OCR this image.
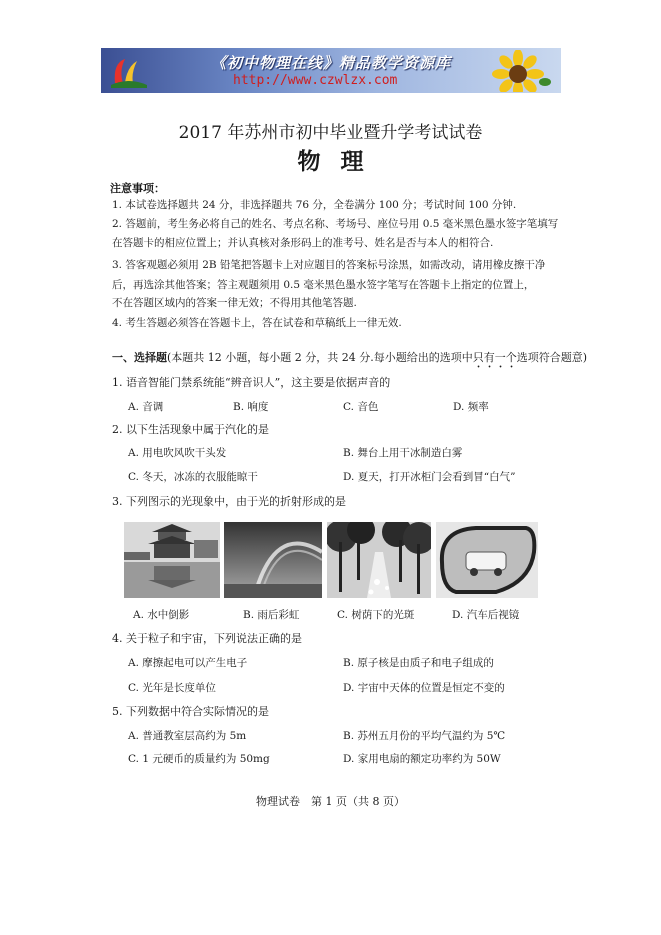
《初中物理在线》精品教学资源库
http://www.czwlzx.com
2017 年苏州市初中毕业暨升学考试试卷
物理
注意事项：
1. 本试卷选择题共 24 分，非选择题共 76 分，全卷满分 100 分；考试时间 100 分钟.
2. 答题前，考生务必将自己的姓名、考点名称、考场号、座位号用 0.5 毫米黑色墨水签字笔填写
在答题卡的相应位置上；并认真核对条形码上的准考号、姓名是否与本人的相符合.
3. 答客观题必须用 2B 铅笔把答题卡上对应题目的答案标号涂黑，如需改动，请用橡皮擦干净
后，再选涂其他答案；答主观题须用 0.5 毫米黑色墨水签字笔写在答题卡上指定的位置上，
不在答题区域内的答案一律无效；不得用其他笔答题.
4. 考生答题必须答在答题卡上，答在试卷和草稿纸上一律无效.
一、选择题(本题共 12 小题，每小题 2 分，共 24 分.每小题给出的选项中只有一个选项符合题意)
1. 语音智能门禁系统能“辨音识人”，这主要是依据声音的
A. 音调	B. 响度	C. 音色	D. 频率
2. 以下生活现象中属于汽化的是
A. 用电吹风吹干头发	B. 舞台上用干冰制造白雾
C. 冬天，冰冻的衣服能晾干	D. 夏天，打开冰柜门会看到冒“白气”
3. 下列图示的光现象中，由于光的折射形成的是
A. 水中倒影	B. 雨后彩虹	C. 树荫下的光斑	D. 汽车后视镜
4. 关于粒子和宇宙，下列说法正确的是
A. 摩擦起电可以产生电子	B. 原子核是由质子和电子组成的
C. 光年是长度单位	D. 宇宙中天体的位置是恒定不变的
5. 下列数据中符合实际情况的是
A. 普通教室层高约为 5m	B. 苏州五月份的平均气温约为 5℃
C. 1 元硬币的质量约为 50mg	D. 家用电扇的额定功率约为 50W
物理试卷　第 1 页（共 8 页）
